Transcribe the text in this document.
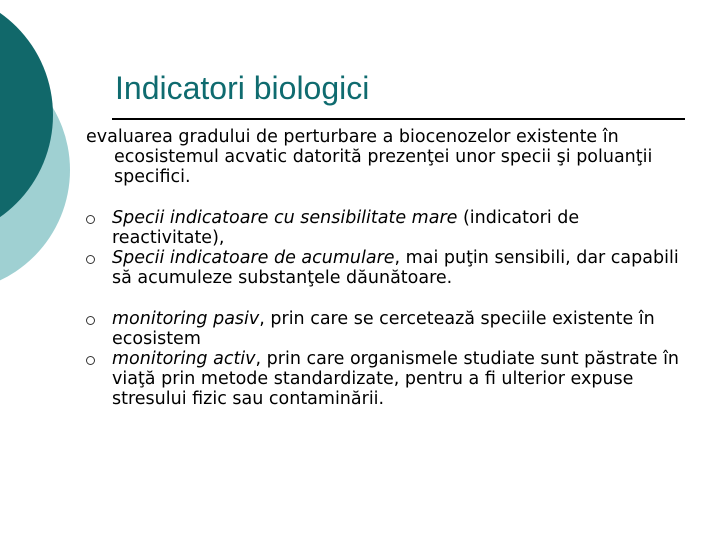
Indicatori biologici

evaluarea gradului de perturbare a biocenozelor existente în ecosistemul acvatic datorită prezenţei unor specii şi poluanţii specifici.

Specii indicatoare cu sensibilitate mare (indicatori de reactivitate),
Specii indicatoare de acumulare, mai puţin sensibili, dar capabili să acumuleze substanţele dăunătoare.
monitoring pasiv, prin care se cercetează speciile existente în ecosistem
monitoring activ, prin care organismele studiate sunt păstrate în viaţă prin metode standardizate, pentru a fi ulterior expuse stresului fizic sau contaminării.
